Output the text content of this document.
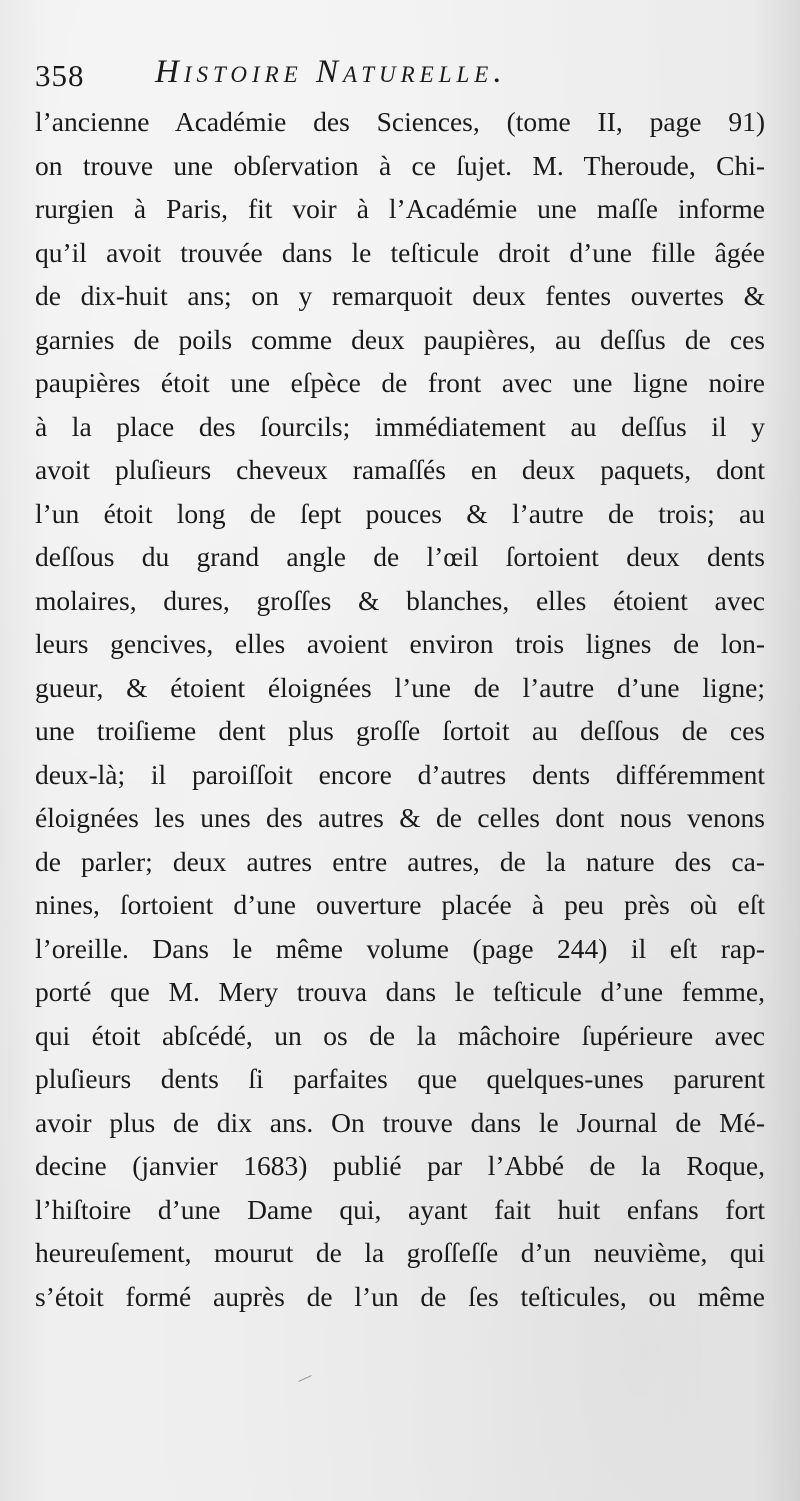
358 Histoire Naturelle.
l’ancienne Académie des Sciences, (tome II, page 91)
on trouve une obſervation à ce ſujet. M. Theroude, Chi-
rurgien à Paris, fit voir à l’Académie une maſſe informe
qu’il avoit trouvée dans le teſticule droit d’une fille âgée
de dix-huit ans; on y remarquoit deux fentes ouvertes &
garnies de poils comme deux paupières, au deſſus de ces
paupières étoit une eſpèce de front avec une ligne noire
à la place des ſourcils; immédiatement au deſſus il y
avoit pluſieurs cheveux ramaſſés en deux paquets, dont
l’un étoit long de ſept pouces & l’autre de trois; au
deſſous du grand angle de l’œil ſortoient deux dents
molaires, dures, groſſes & blanches, elles étoient avec
leurs gencives, elles avoient environ trois lignes de lon-
gueur, & étoient éloignées l’une de l’autre d’une ligne;
une troiſieme dent plus groſſe ſortoit au deſſous de ces
deux-là; il paroiſſoit encore d’autres dents différemment
éloignées les unes des autres & de celles dont nous venons
de parler; deux autres entre autres, de la nature des ca-
nines, ſortoient d’une ouverture placée à peu près où eſt
l’oreille. Dans le même volume (page 244) il eſt rap-
porté que M. Mery trouva dans le teſticule d’une femme,
qui étoit abſcédé, un os de la mâchoire ſupérieure avec
pluſieurs dents ſi parfaites que quelques-unes parurent
avoir plus de dix ans. On trouve dans le Journal de Mé-
decine (janvier 1683) publié par l’Abbé de la Roque,
l’hiſtoire d’une Dame qui, ayant fait huit enfans fort
heureuſement, mourut de la groſſeſſe d’un neuvième, qui
s’étoit formé auprès de l’un de ſes teſticules, ou même
